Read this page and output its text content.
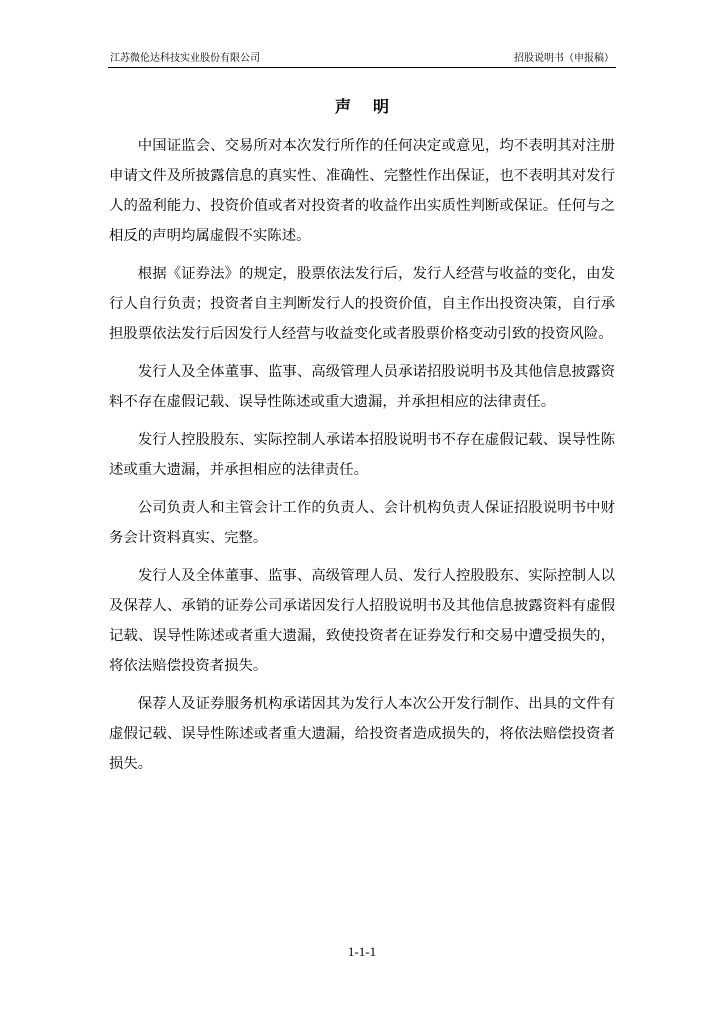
江苏微伦达科技实业股份有限公司	招股说明书（申报稿）
声明

中国证监会、交易所对本次发行所作的任何决定或意见，均不表明其对注册申请文件及所披露信息的真实性、准确性、完整性作出保证，也不表明其对发行人的盈利能力、投资价值或者对投资者的收益作出实质性判断或保证。任何与之相反的声明均属虚假不实陈述。

根据《证券法》的规定，股票依法发行后，发行人经营与收益的变化，由发行人自行负责；投资者自主判断发行人的投资价值，自主作出投资决策，自行承担股票依法发行后因发行人经营与收益变化或者股票价格变动引致的投资风险。

发行人及全体董事、监事、高级管理人员承诺招股说明书及其他信息披露资料不存在虚假记载、误导性陈述或重大遗漏，并承担相应的法律责任。

发行人控股股东、实际控制人承诺本招股说明书不存在虚假记载、误导性陈述或重大遗漏，并承担相应的法律责任。

公司负责人和主管会计工作的负责人、会计机构负责人保证招股说明书中财务会计资料真实、完整。

发行人及全体董事、监事、高级管理人员、发行人控股股东、实际控制人以及保荐人、承销的证券公司承诺因发行人招股说明书及其他信息披露资料有虚假记载、误导性陈述或者重大遗漏，致使投资者在证券发行和交易中遭受损失的，将依法赔偿投资者损失。

保荐人及证券服务机构承诺因其为发行人本次公开发行制作、出具的文件有虚假记载、误导性陈述或者重大遗漏，给投资者造成损失的，将依法赔偿投资者损失。

1-1-1
